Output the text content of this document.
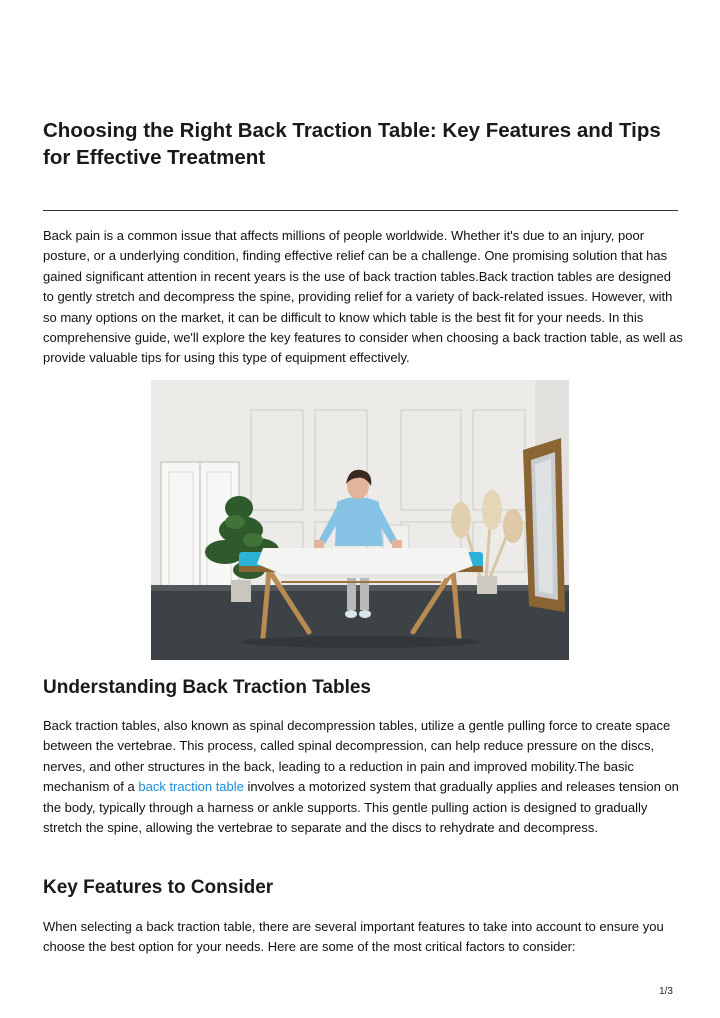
Choosing the Right Back Traction Table: Key Features and Tips for Effective Treatment

Back pain is a common issue that affects millions of people worldwide. Whether it's due to an injury, poor posture, or a underlying condition, finding effective relief can be a challenge. One promising solution that has gained significant attention in recent years is the use of back traction tables.Back traction tables are designed to gently stretch and decompress the spine, providing relief for a variety of back-related issues. However, with so many options on the market, it can be difficult to know which table is the best fit for your needs. In this comprehensive guide, we'll explore the key features to consider when choosing a back traction table, as well as provide valuable tips for using this type of equipment effectively.

Understanding Back Traction Tables

Back traction tables, also known as spinal decompression tables, utilize a gentle pulling force to create space between the vertebrae. This process, called spinal decompression, can help reduce pressure on the discs, nerves, and other structures in the back, leading to a reduction in pain and improved mobility.The basic mechanism of a back traction table involves a motorized system that gradually applies and releases tension on the body, typically through a harness or ankle supports. This gentle pulling action is designed to gradually stretch the spine, allowing the vertebrae to separate and the discs to rehydrate and decompress.

Key Features to Consider

When selecting a back traction table, there are several important features to take into account to ensure you choose the best option for your needs. Here are some of the most critical factors to consider:

1/3
